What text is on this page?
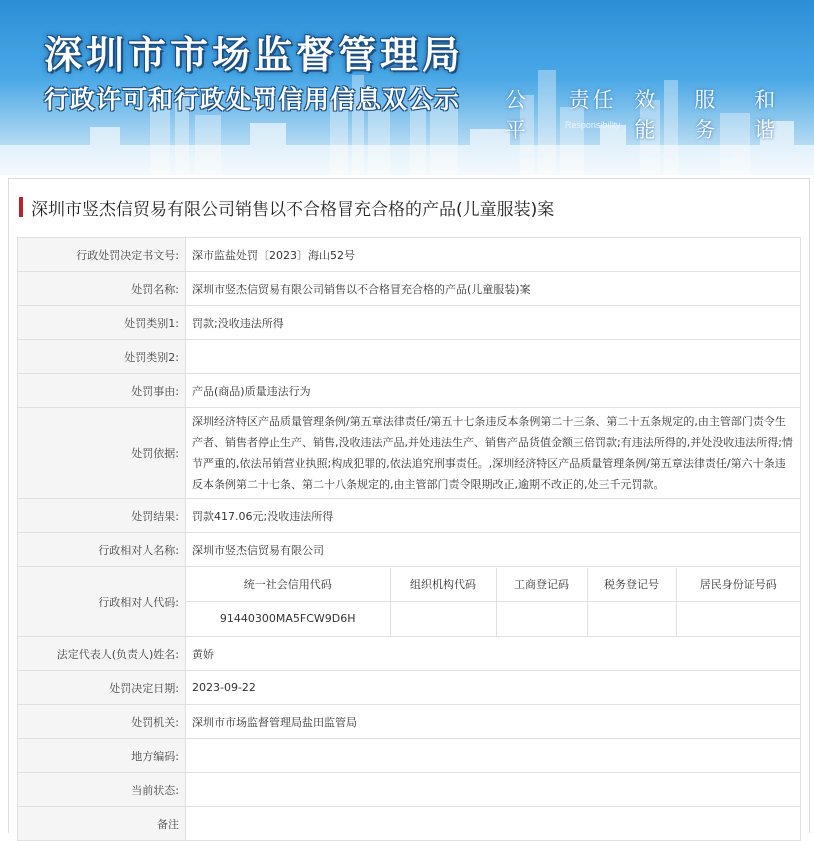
深圳市市场监督管理局
行政许可和行政处罚信用信息双公示 公平
Fairness
责任
Responsibility
效能
Efficiency
服务
Service
和谐
Harmony
深圳市竖杰信贸易有限公司销售以不合格冒充合格的产品(儿童服装)案
行政处罚决定书文号:	深市监盐处罚〔2023〕海山52号
处罚名称:	深圳市竖杰信贸易有限公司销售以不合格冒充合格的产品(儿童服装)案
处罚类别1:	罚款;没收违法所得
处罚类别2:	
处罚事由:	产品(商品)质量违法行为
处罚依据:	深圳经济特区产品质量管理条例/第五章法律责任/第五十七条违反本条例第二十三条、第二十五条规定的,由主管部门责令生产者、销售者停止生产、销售,没收违法产品,并处违法生产、销售产品货值金额三倍罚款;有违法所得的,并处没收违法所得;情节严重的,依法吊销营业执照;构成犯罪的,依法追究刑事责任。,深圳经济特区产品质量管理条例/第五章法律责任/第六十条违反本条例第二十七条、第二十八条规定的,由主管部门责令限期改正,逾期不改正的,处三千元罚款。
处罚结果:	罚款417.06元;没收违法所得
行政相对人名称:	深圳市竖杰信贸易有限公司
行政相对人代码:	
统一社会信用代码	组织机构代码	工商登记码	税务登记号	居民身份证号码
91440300MA5FCW9D6H				

法定代表人(负责人)姓名:	黄娇
处罚决定日期:	2023-09-22
处罚机关:	深圳市市场监督管理局盐田监管局
地方编码:	
当前状态:	
备注	
